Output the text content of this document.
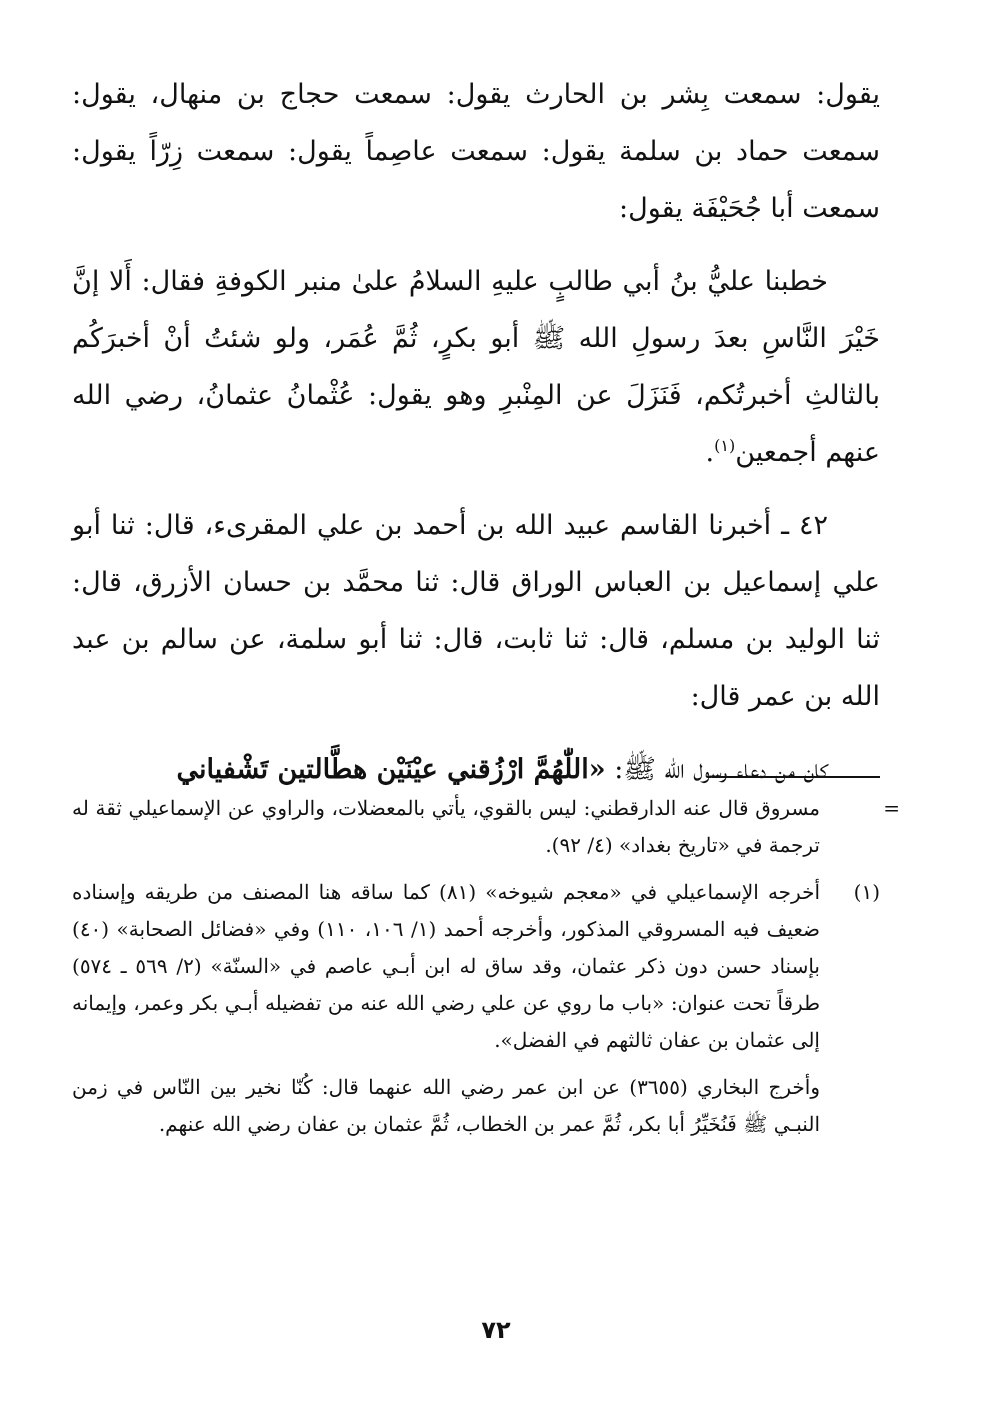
يقول: سمعت بِشر بن الحارث يقول: سمعت حجاج بن منهال، يقول: سمعت حماد بن سلمة يقول: سمعت عاصِماً يقول: سمعت زِرّاً يقول: سمعت أبا جُحَيْفَة يقول:

خطبنا عليُّ بنُ أبي طالبٍ عليهِ السلامُ علىٰ منبر الكوفةِ فقال: أَلا إنَّ خَيْرَ النَّاسِ بعدَ رسولِ الله ﷺ أبو بكرٍ، ثُمَّ عُمَر، ولو شئتُ أنْ أخبرَكُم بالثالثِ أخبرتُكم، فَنَزَلَ عن المِنْبرِ وهو يقول: عُثْمانُ عثمانُ، رضي الله عنهم أجمعين$^{(١)}$.

٤٢ ـ أخبرنا القاسم عبيد الله بن أحمد بن علي المقرىء، قال: ثنا أبو علي إسماعيل بن العباس الوراق قال: ثنا محمَّد بن حسان الأزرق، قال: ثنا الوليد بن مسلم، قال: ثنا ثابت، قال: ثنا أبو سلمة، عن سالم بن عبد الله بن عمر قال:

كان من دعاء رسول الله ﷺ: «اللّٰهُمَّ ارْزُقني عيْنَيْن هطَّالتين تَشْفياني

=
مسروق قال عنه الدارقطني: ليس بالقوي، يأتي بالمعضلات، والراوي عن الإسماعيلي ثقة له ترجمة في «تاريخ بغداد» (٤/ ٩٢).

(١)
أخرجه الإسماعيلي في «معجم شيوخه» (٨١) كما ساقه هنا المصنف من طريقه وإسناده ضعيف فيه المسروقي المذكور، وأخرجه أحمد (١/ ١٠٦، ١١٠) وفي «فضائل الصحابة» (٤٠) بإسناد حسن دون ذكر عثمان، وقد ساق له ابن أبـي عاصم في «السنّة» (٢/ ٥٦٩ ـ ٥٧٤) طرقاً تحت عنوان: «باب ما روي عن علي رضي الله عنه من تفضيله أبـي بكر وعمر، وإيمانه إلى عثمان بن عفان ثالثهم في الفضل».

وأخرج البخاري (٣٦٥٥) عن ابن عمر رضي الله عنهما قال: كُنّا نخير بين النّاس في زمن النبـي ﷺ فَنُخَيِّرُ أبا بكر، ثُمَّ عمر بن الخطاب، ثُمَّ عثمان بن عفان رضي الله عنهم.

٧٢
